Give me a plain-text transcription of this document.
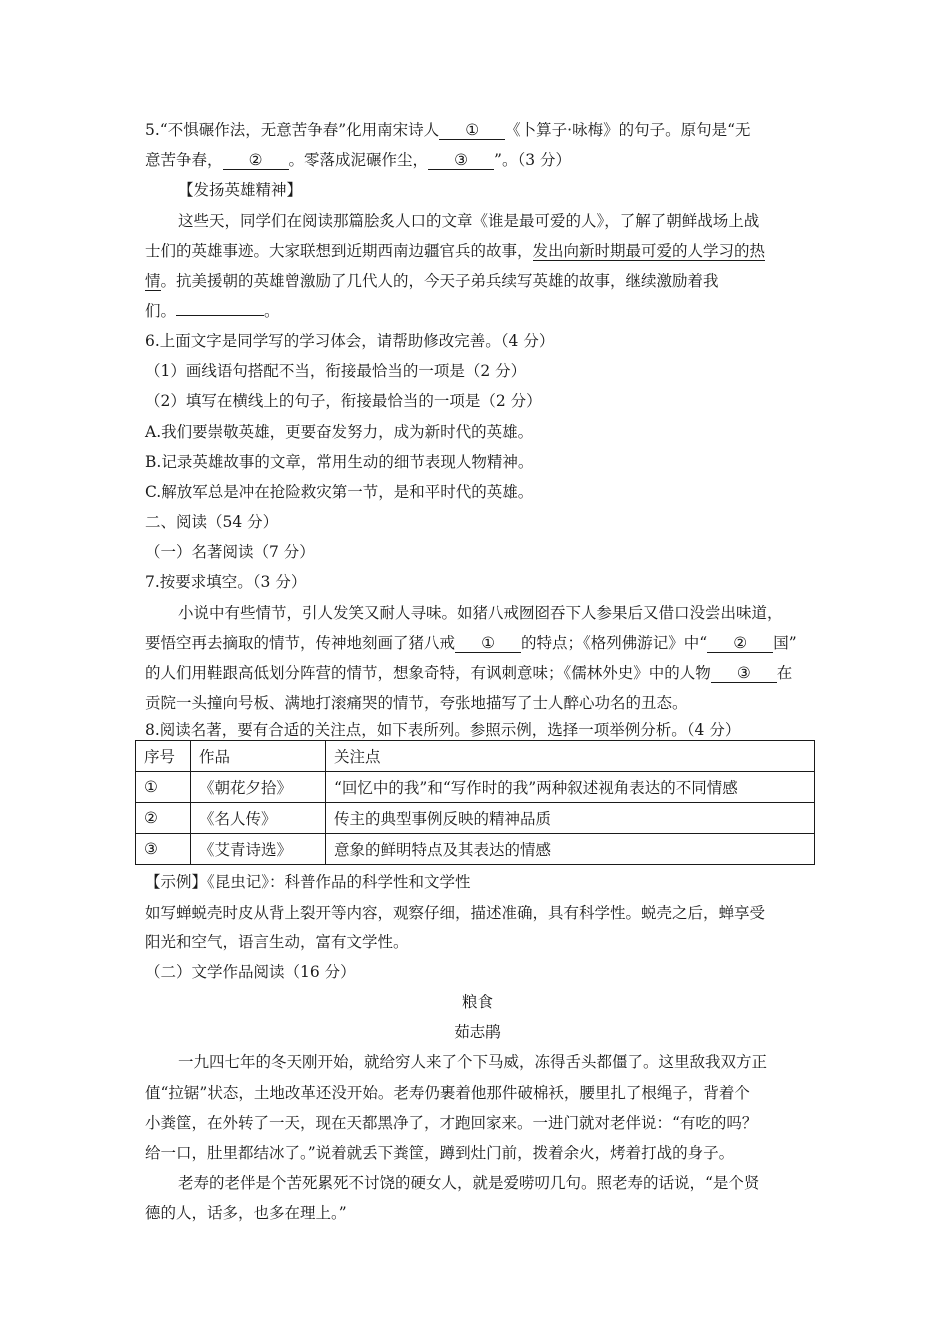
5.“不惧碾作法，无意苦争春”化用南宋诗人 ① 《卜算子·咏梅》的句子。原句是“无
意苦争春， ② 。零落成泥碾作尘， ③ ”。（3 分）
【发扬英雄精神】
这些天，同学们在阅读那篇脍炙人口的文章《谁是最可爱的人》，了解了朝鲜战场上战
士们的英雄事迹。大家联想到近期西南边疆官兵的故事，发出向新时期最可爱的人学习的热
情。抗美援朝的英雄曾激励了几代人的，今天子弟兵续写英雄的故事，继续激励着我
们。	。
6.上面文字是同学写的学习体会，请帮助修改完善。（4 分）
（1）画线语句搭配不当，衔接最恰当的一项是（2 分）
（2）填写在横线上的句子，衔接最恰当的一项是（2 分）
A.我们要崇敬英雄，更要奋发努力，成为新时代的英雄。
B.记录英雄故事的文章，常用生动的细节表现人物精神。
C.解放军总是冲在抢险救灾第一节，是和平时代的英雄。
二、阅读（54 分）
（一）名著阅读（7 分）
7.按要求填空。（3 分）
小说中有些情节，引人发笑又耐人寻味。如猪八戒囫囵吞下人参果后又借口没尝出味道，
要悟空再去摘取的情节，传神地刻画了猪八戒 ① 的特点；《格列佛游记》中“ ② 国”
的人们用鞋跟高低划分阵营的情节，想象奇特，有讽刺意味；《儒林外史》中的人物 ③ 在
贡院一头撞向号板、满地打滚痛哭的情节，夸张地描写了士人醉心功名的丑态。
8.阅读名著，要有合适的关注点，如下表所列。参照示例，选择一项举例分析。（4 分）
序号	作品	关注点
①	《朝花夕拾》	“回忆中的我”和“写作时的我”两种叙述视角表达的不同情感
②	《名人传》	传主的典型事例反映的精神品质
③	《艾青诗选》	意象的鲜明特点及其表达的情感
【示例】《昆虫记》：科普作品的科学性和文学性
如写蝉蜕壳时皮从背上裂开等内容，观察仔细，描述准确，具有科学性。蜕壳之后，蝉享受
阳光和空气，语言生动，富有文学性。
（二）文学作品阅读（16 分）
粮食
茹志鹃
一九四七年的冬天刚开始，就给穷人来了个下马威，冻得舌头都僵了。这里敌我双方正
值“拉锯”状态，土地改革还没开始。老寿仍裹着他那件破棉袄，腰里扎了根绳子，背着个
小粪筐，在外转了一天，现在天都黑净了，才跑回家来。一进门就对老伴说：“有吃的吗？
给一口，肚里都结冰了。”说着就丢下粪筐，蹲到灶门前，拨着余火，烤着打战的身子。
老寿的老伴是个苦死累死不讨饶的硬女人，就是爱唠叨几句。照老寿的话说，“是个贤
德的人，话多，也多在理上。”
